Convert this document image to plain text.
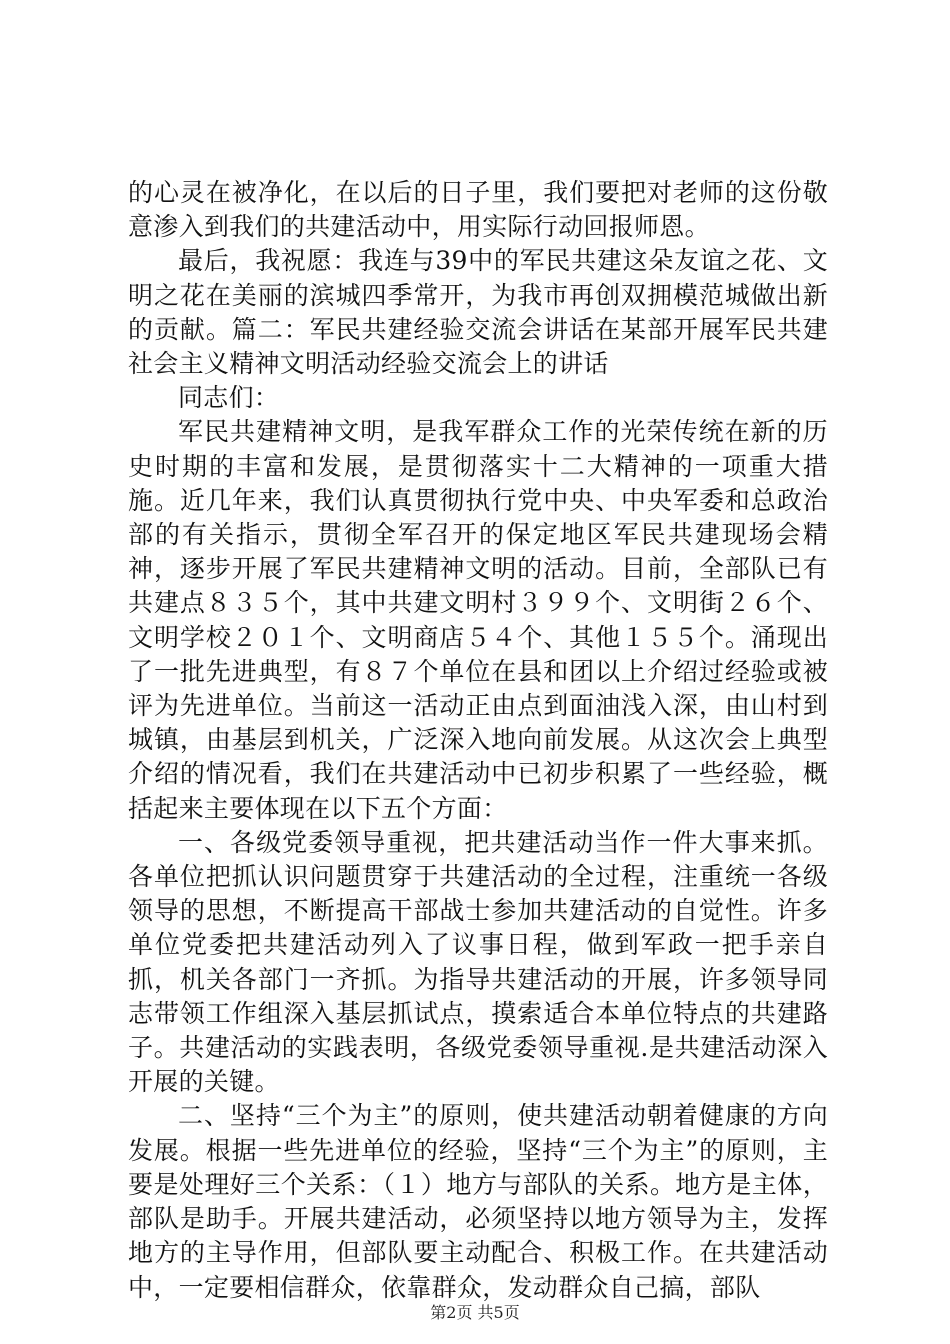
的心灵在被净化，在以后的日子里，我们要把对老师的这份敬意渗入到我们的共建活动中，用实际行动回报师恩。

最后，我祝愿：我连与39中的军民共建这朵友谊之花、文明之花在美丽的滨城四季常开，为我市再创双拥模范城做出新的贡献。篇二：军民共建经验交流会讲话在某部开展军民共建社会主义精神文明活动经验交流会上的讲话

同志们：

军民共建精神文明，是我军群众工作的光荣传统在新的历史时期的丰富和发展，是贯彻落实十二大精神的一项重大措施。近几年来，我们认真贯彻执行党中央、中央军委和总政治部的有关指示，贯彻全军召开的保定地区军民共建现场会精神，逐步开展了军民共建精神文明的活动。目前，全部队已有共建点８３５个，其中共建文明村３９９个、文明街２６个、文明学校２０１个、文明商店５４个、其他１５５个。涌现出了一批先进典型，有８７个单位在县和团以上介绍过经验或被评为先进单位。当前这一活动正由点到面油浅入深，由山村到城镇，由基层到机关，广泛深入地向前发展。从这次会上典型介绍的情况看，我们在共建活动中已初步积累了一些经验，概括起来主要体现在以下五个方面：

一、各级党委领导重视，把共建活动当作一件大事来抓。各单位把抓认识问题贯穿于共建活动的全过程，注重统一各级领导的思想，不断提高干部战士参加共建活动的自觉性。许多单位党委把共建活动列入了议事日程，做到军政一把手亲自抓，机关各部门一齐抓。为指导共建活动的开展，许多领导同志带领工作组深入基层抓试点，摸索适合本单位特点的共建路子。共建活动的实践表明，各级党委领导重视.是共建活动深入开展的关键。

二、坚持“三个为主”的原则，使共建活动朝着健康的方向发展。根据一些先进单位的经验，坚持“三个为主”的原则，主要是处理好三个关系：（１）地方与部队的关系。地方是主体，部队是助手。开展共建活动，必须坚持以地方领导为主，发挥地方的主导作用，但部队要主动配合、积极工作。在共建活动中，一定要相信群众，依靠群众，发动群众自己搞，部队

第2页 共5页
